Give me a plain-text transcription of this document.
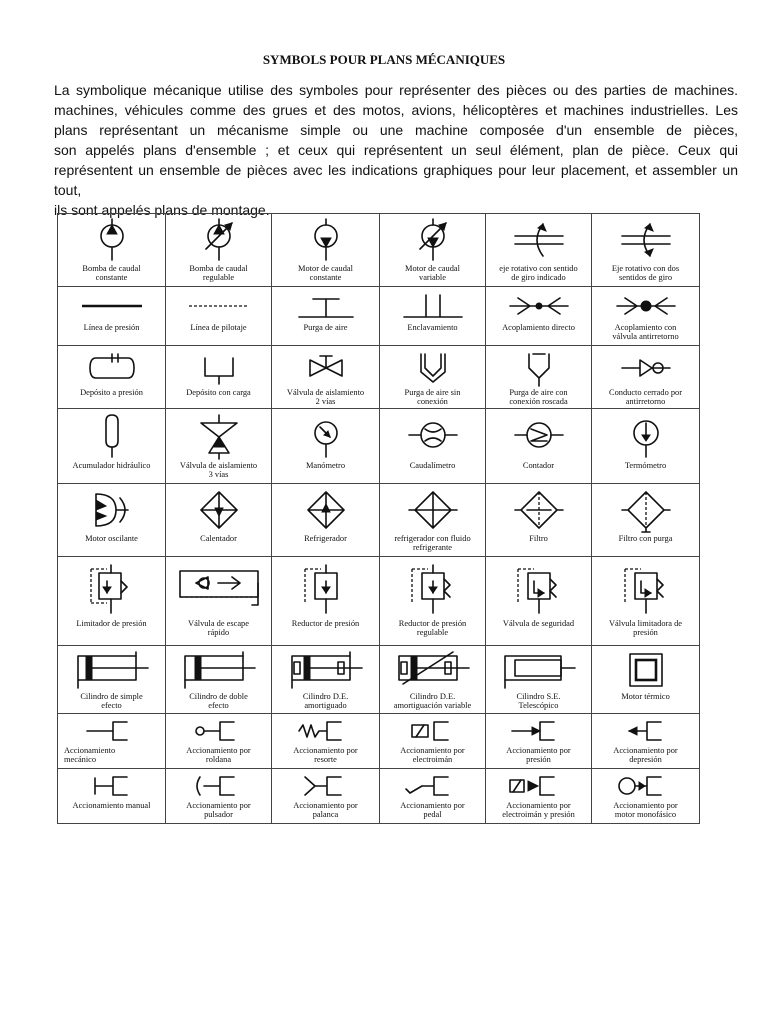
SYMBOLS POUR PLANS MÉCANIQUES

La symbolique mécanique utilise des symboles pour représenter des pièces ou des parties de machines.

machines, véhicules comme des grues et des motos, avions, hélicoptères et machines industrielles. Les

plans représentant un mécanisme simple ou une machine composée d'un ensemble de pièces,

son appelés plans d'ensemble ; et ceux qui représentent un seul élément, plan de pièce. Ceux qui

représentent un ensemble de pièces avec les indications graphiques pour leur placement, et assembler un tout,

ils sont appelés plans de montage.

Bomba de caudal
constante	Bomba de caudal
regulable	Motor de caudal
constante	Motor de caudal
variable	eje rotativo con sentido
de giro indicado	Eje rotativo con dos
sentidos de giro

Línea de presión	Línea de pilotaje	Purga de aire	Enclavamiento	Acoplamiento directo	Acoplamiento con
válvula antirretorno

Depósito a presión	Depósito con carga	Válvula de aislamiento
2 vías	Purga de aire sin
conexión	Purga de aire con
conexión roscada	Conducto cerrado por
antirretorno

Acumulador hidráulico	Válvula de aislamiento
3 vías	Manómetro	Caudalímetro	Contador	Termómetro

Motor oscilante	Calentador	Refrigerador	refrigerador con fluido
refrigerante	Filtro	Filtro con purga

Limitador de presión	Válvula de escape
rápido	Reductor de presión	Reductor de presión
regulable	Válvula de seguridad	Válvula limitadora de
presión

Cilindro de simple
efecto	Cilindro de doble
efecto	Cilindro D.E.
amortiguado	Cilindro D.E.
amortiguación variable	Cilindro S.E.
Telescópico	Motor térmico

Accionamiento
mecánico	Accionamiento por
roldana	Accionamiento por
resorte	Accionamiento por
electroimán	Accionamiento por
presión	Accionamiento por
depresión

Accionamiento manual	Accionamiento por
pulsador	Accionamiento por
palanca	Accionamiento por
pedal	Accionamiento por
electroimán y presión	Accionamiento por
motor monofásico
